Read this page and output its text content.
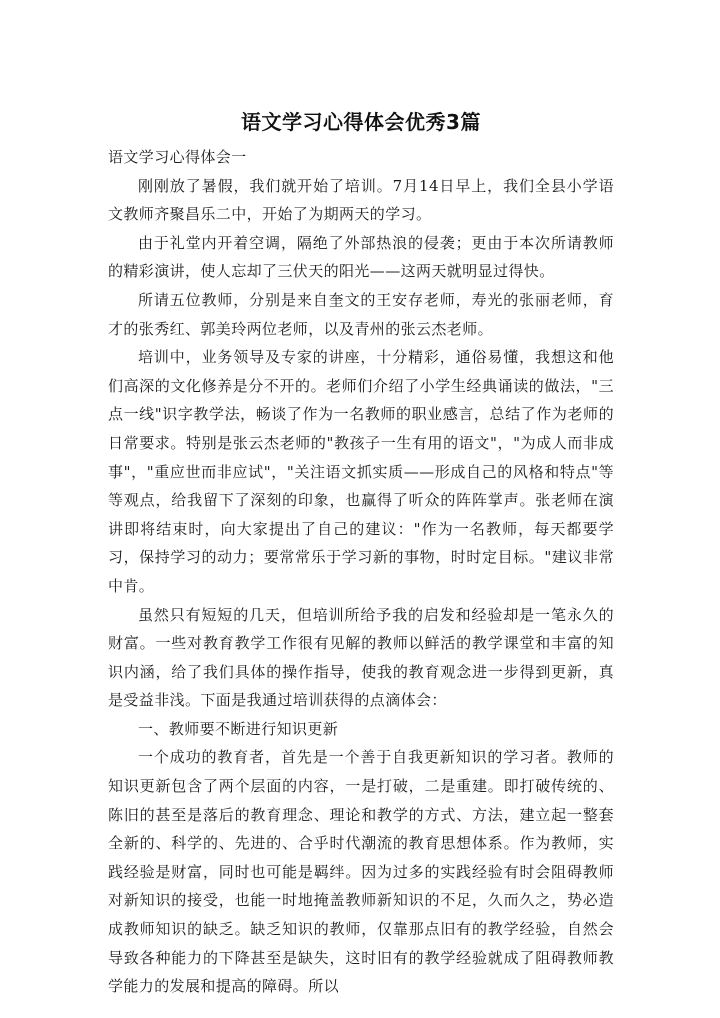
语文学习心得体会优秀3篇

语文学习心得体会一

刚刚放了暑假，我们就开始了培训。7月14日早上，我们全县小学语文教师齐聚昌乐二中，开始了为期两天的学习。

由于礼堂内开着空调，隔绝了外部热浪的侵袭；更由于本次所请教师的精彩演讲，使人忘却了三伏天的阳光——这两天就明显过得快。

所请五位教师，分别是来自奎文的王安存老师，寿光的张丽老师，育才的张秀红、郭美玲两位老师，以及青州的张云杰老师。

培训中，业务领导及专家的讲座，十分精彩，通俗易懂，我想这和他们高深的文化修养是分不开的。老师们介绍了小学生经典诵读的做法，"三点一线"识字教学法，畅谈了作为一名教师的职业感言，总结了作为老师的日常要求。特别是张云杰老师的"教孩子一生有用的语文"，"为成人而非成事"，"重应世而非应试"，"关注语文抓实质——形成自己的风格和特点"等等观点，给我留下了深刻的印象，也赢得了听众的阵阵掌声。张老师在演讲即将结束时，向大家提出了自己的建议："作为一名教师，每天都要学习，保持学习的动力；要常常乐于学习新的事物，时时定目标。"建议非常中肯。

虽然只有短短的几天，但培训所给予我的启发和经验却是一笔永久的财富。一些对教育教学工作很有见解的教师以鲜活的教学课堂和丰富的知识内涵，给了我们具体的操作指导，使我的教育观念进一步得到更新，真是受益非浅。下面是我通过培训获得的点滴体会：

一、教师要不断进行知识更新

一个成功的教育者，首先是一个善于自我更新知识的学习者。教师的知识更新包含了两个层面的内容，一是打破，二是重建。即打破传统的、陈旧的甚至是落后的教育理念、理论和教学的方式、方法，建立起一整套全新的、科学的、先进的、合乎时代潮流的教育思想体系。作为教师，实践经验是财富，同时也可能是羁绊。因为过多的实践经验有时会阻碍教师对新知识的接受，也能一时地掩盖教师新知识的不足，久而久之，势必造成教师知识的缺乏。缺乏知识的教师，仅靠那点旧有的教学经验，自然会导致各种能力的下降甚至是缺失，这时旧有的教学经验就成了阻碍教师教学能力的发展和提高的障碍。所以
